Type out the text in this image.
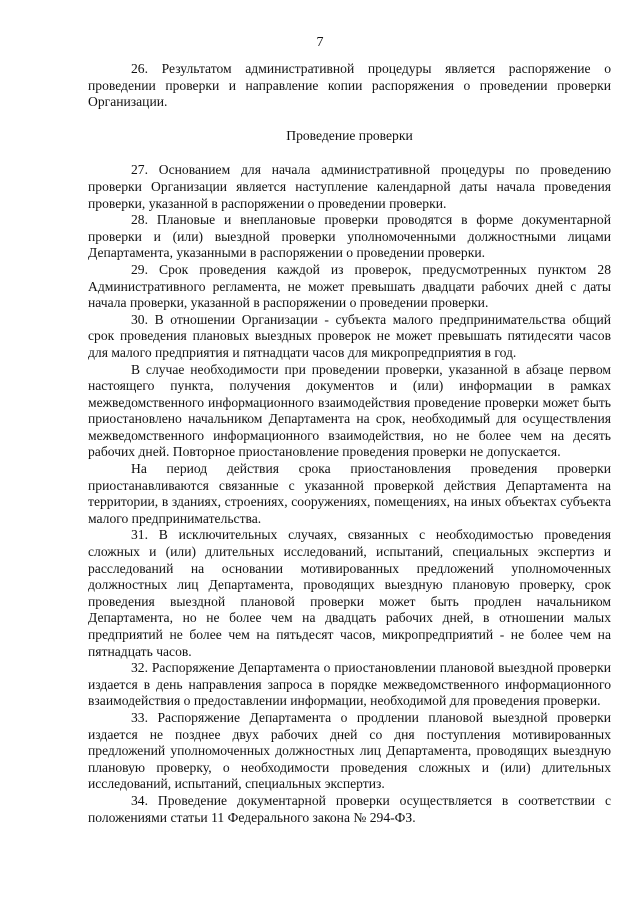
7

26. Результатом административной процедуры является распоряжение о проведении проверки и направление копии распоряжения о проведении проверки Организации.

Проведение проверки

27. Основанием для начала административной процедуры по проведению проверки Организации является наступление календарной даты начала проведения проверки, указанной в распоряжении о проведении проверки.

28. Плановые и внеплановые проверки проводятся в форме документарной проверки и (или) выездной проверки уполномоченными должностными лицами Департамента, указанными в распоряжении о проведении проверки.

29. Срок проведения каждой из проверок, предусмотренных пунктом 28 Административного регламента, не может превышать двадцати рабочих дней с даты начала проверки, указанной в распоряжении о проведении проверки.

30. В отношении Организации - субъекта малого предпринимательства общий срок проведения плановых выездных проверок не может превышать пятидесяти часов для малого предприятия и пятнадцати часов для микропредприятия в год.

В случае необходимости при проведении проверки, указанной в абзаце первом настоящего пункта, получения документов и (или) информации в рамках межведомственного информационного взаимодействия проведение проверки может быть приостановлено начальником Департамента на срок, необходимый для осуществления межведомственного информационного взаимодействия, но не более чем на десять рабочих дней. Повторное приостановление проведения проверки не допускается.

На период действия срока приостановления проведения проверки приостанавливаются связанные с указанной проверкой действия Департамента на территории, в зданиях, строениях, сооружениях, помещениях, на иных объектах субъекта малого предпринимательства.

31. В исключительных случаях, связанных с необходимостью проведения сложных и (или) длительных исследований, испытаний, специальных экспертиз и расследований на основании мотивированных предложений уполномоченных должностных лиц Департамента, проводящих выездную плановую проверку, срок проведения выездной плановой проверки может быть продлен начальником Департамента, но не более чем на двадцать рабочих дней, в отношении малых предприятий не более чем на пятьдесят часов, микропредприятий - не более чем на пятнадцать часов.

32. Распоряжение Департамента о приостановлении плановой выездной проверки издается в день направления запроса в порядке межведомственного информационного взаимодействия о предоставлении информации, необходимой для проведения проверки.

33. Распоряжение Департамента о продлении плановой выездной проверки издается не позднее двух рабочих дней со дня поступления мотивированных предложений уполномоченных должностных лиц Департамента, проводящих выездную плановую проверку, о необходимости проведения сложных и (или) длительных исследований, испытаний, специальных экспертиз.

34. Проведение документарной проверки осуществляется в соответствии с положениями статьи 11 Федерального закона № 294-ФЗ.
